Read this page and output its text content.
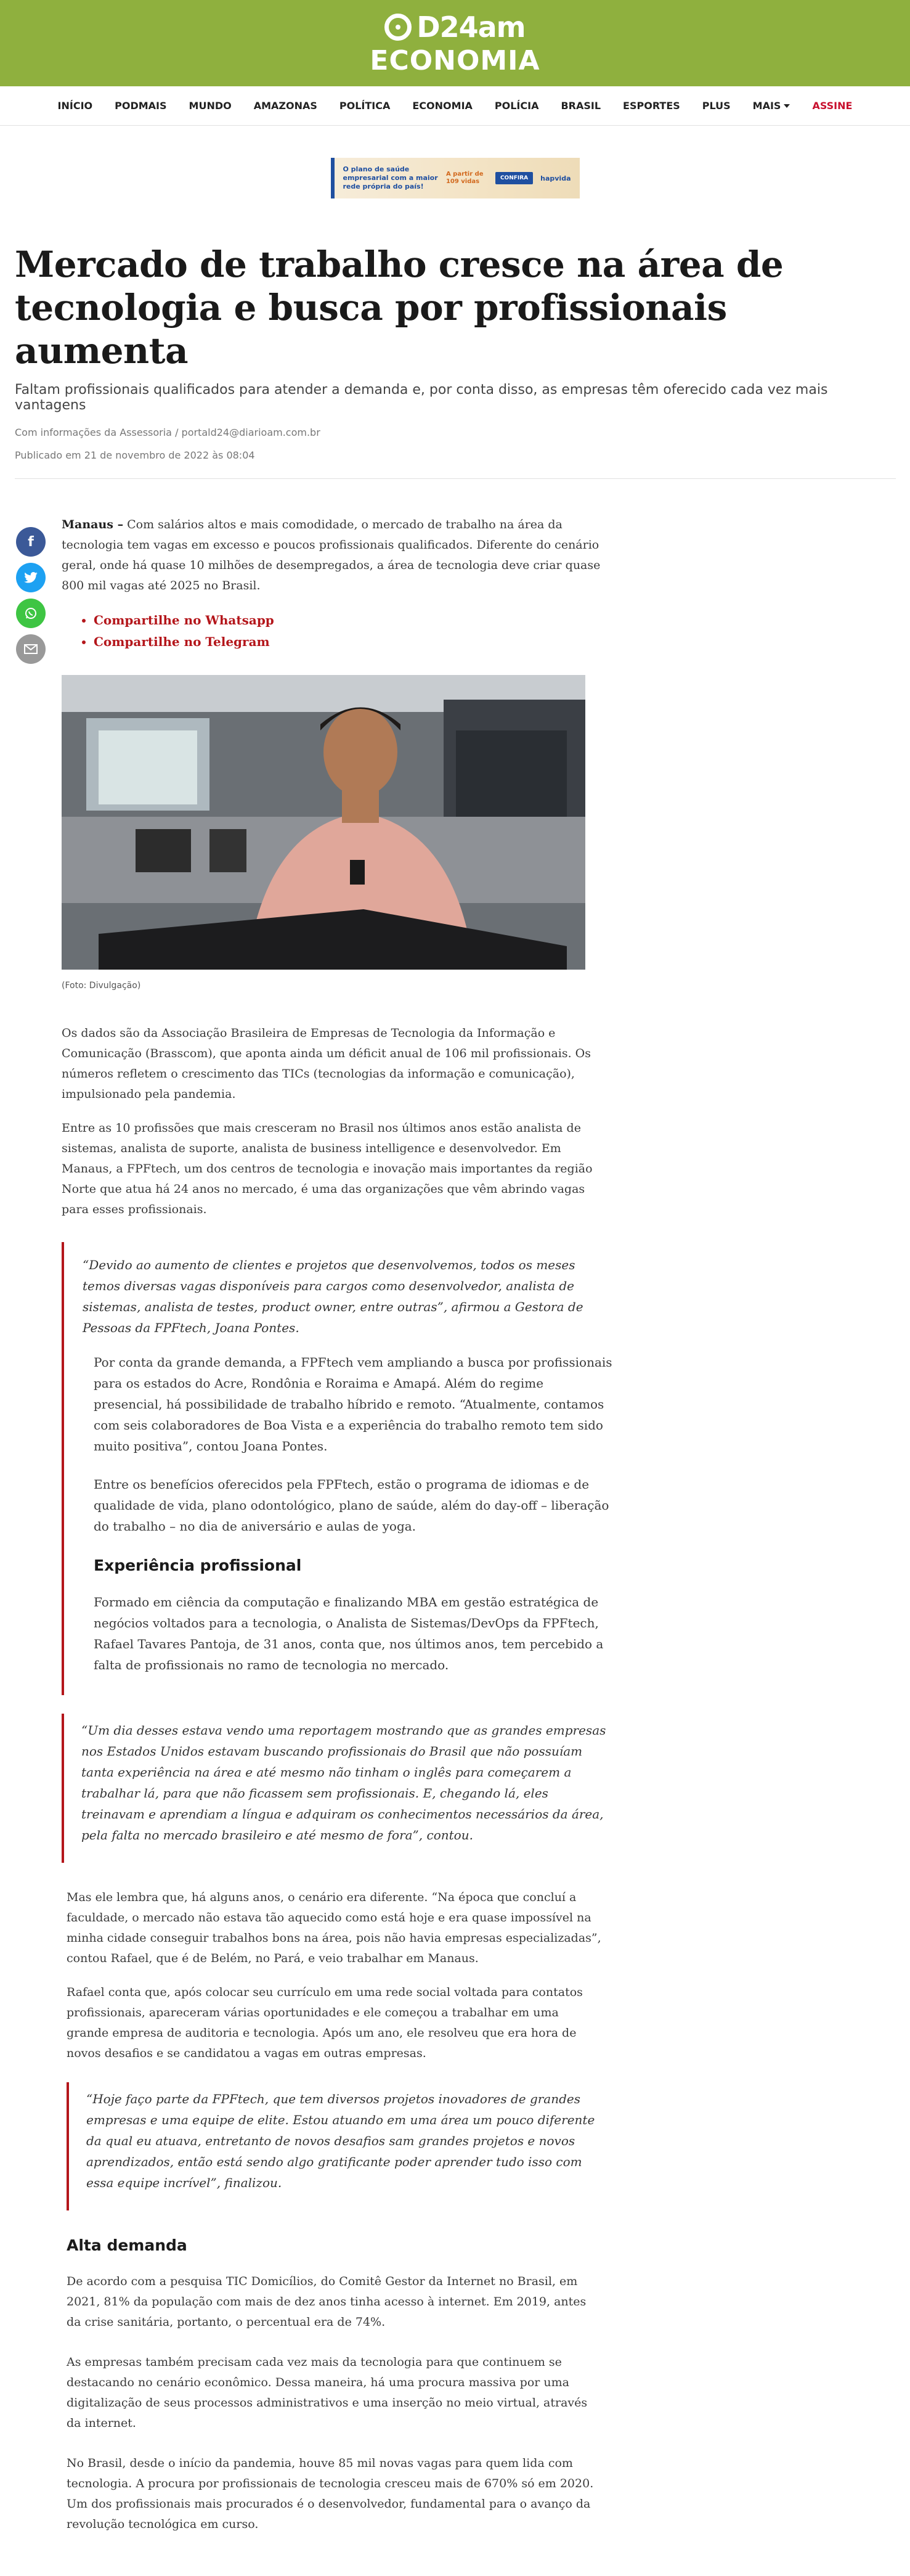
D24am
ECONOMIA
INÍCIO	PODMAIS	MUNDO	AMAZONAS	POLÍTICA	ECONOMIA	POLÍCIA	BRASIL	ESPORTES	PLUS	MAIS	ASSINE
O plano de saúde empresarial com a maior rede própria do país!
A partir de 109 vidas	CONFIRA	hapvida
Mercado de trabalho cresce na área de tecnologia e busca por profissionais aumenta
Faltam profissionais qualificados para atender a demanda e, por conta disso, as empresas têm oferecido cada vez mais vantagens
Com informações da Assessoria / portald24@diarioam.com.br
Publicado em 21 de novembro de 2022 às 08:04
f

Manaus – Com salários altos e mais comodidade, o mercado de trabalho na área da tecnologia tem vagas em excesso e poucos profissionais qualificados. Diferente do cenário geral, onde há quase 10 milhões de desempregados, a área de tecnologia deve criar quase 800 mil vagas até 2025 no Brasil.

• Compartilhe no Whatsapp
• Compartilhe no Telegram
(Foto: Divulgação)

Os dados são da Associação Brasileira de Empresas de Tecnologia da Informação e Comunicação (Brasscom), que aponta ainda um déficit anual de 106 mil profissionais. Os números refletem o crescimento das TICs (tecnologias da informação e comunicação), impulsionado pela pandemia.

Entre as 10 profissões que mais cresceram no Brasil nos últimos anos estão analista de sistemas, analista de suporte, analista de business intelligence e desenvolvedor. Em Manaus, a FPFtech, um dos centros de tecnologia e inovação mais importantes da região Norte que atua há 24 anos no mercado, é uma das organizações que vêm abrindo vagas para esses profissionais.

“Devido ao aumento de clientes e projetos que desenvolvemos, todos os meses temos diversas vagas disponíveis para cargos como desenvolvedor, analista de sistemas, analista de testes, product owner, entre outras”, afirmou a Gestora de Pessoas da FPFtech, Joana Pontes.

Por conta da grande demanda, a FPFtech vem ampliando a busca por profissionais para os estados do Acre, Rondônia e Roraima e Amapá. Além do regime presencial, há possibilidade de trabalho híbrido e remoto. “Atualmente, contamos com seis colaboradores de Boa Vista e a experiência do trabalho remoto tem sido muito positiva”, contou Joana Pontes.

Entre os benefícios oferecidos pela FPFtech, estão o programa de idiomas e de qualidade de vida, plano odontológico, plano de saúde, além do day-off – liberação do trabalho – no dia de aniversário e aulas de yoga.

Experiência profissional

Formado em ciência da computação e finalizando MBA em gestão estratégica de negócios voltados para a tecnologia, o Analista de Sistemas/DevOps da FPFtech, Rafael Tavares Pantoja, de 31 anos, conta que, nos últimos anos, tem percebido a falta de profissionais no ramo de tecnologia no mercado.

“Um dia desses estava vendo uma reportagem mostrando que as grandes empresas nos Estados Unidos estavam buscando profissionais do Brasil que não possuíam tanta experiência na área e até mesmo não tinham o inglês para começarem a trabalhar lá, para que não ficassem sem profissionais. E, chegando lá, eles treinavam e aprendiam a língua e adquiram os conhecimentos necessários da área, pela falta no mercado brasileiro e até mesmo de fora”, contou.

Mas ele lembra que, há alguns anos, o cenário era diferente. “Na época que concluí a faculdade, o mercado não estava tão aquecido como está hoje e era quase impossível na minha cidade conseguir trabalhos bons na área, pois não havia empresas especializadas”, contou Rafael, que é de Belém, no Pará, e veio trabalhar em Manaus.

Rafael conta que, após colocar seu currículo em uma rede social voltada para contatos profissionais, apareceram várias oportunidades e ele começou a trabalhar em uma grande empresa de auditoria e tecnologia. Após um ano, ele resolveu que era hora de novos desafios e se candidatou a vagas em outras empresas.

“Hoje faço parte da FPFtech, que tem diversos projetos inovadores de grandes empresas e uma equipe de elite. Estou atuando em uma área um pouco diferente da qual eu atuava, entretanto de novos desafios sam grandes projetos e novos aprendizados, então está sendo algo gratificante poder aprender tudo isso com essa equipe incrível”, finalizou.

Alta demanda

De acordo com a pesquisa TIC Domicílios, do Comitê Gestor da Internet no Brasil, em 2021, 81% da população com mais de dez anos tinha acesso à internet. Em 2019, antes da crise sanitária, portanto, o percentual era de 74%.

As empresas também precisam cada vez mais da tecnologia para que continuem se destacando no cenário econômico. Dessa maneira, há uma procura massiva por uma digitalização de seus processos administrativos e uma inserção no meio virtual, através da internet.

No Brasil, desde o início da pandemia, houve 85 mil novas vagas para quem lida com tecnologia. A procura por profissionais de tecnologia cresceu mais de 670% só em 2020. Um dos profissionais mais procurados é o desenvolvedor, fundamental para o avanço da revolução tecnológica em curso.
